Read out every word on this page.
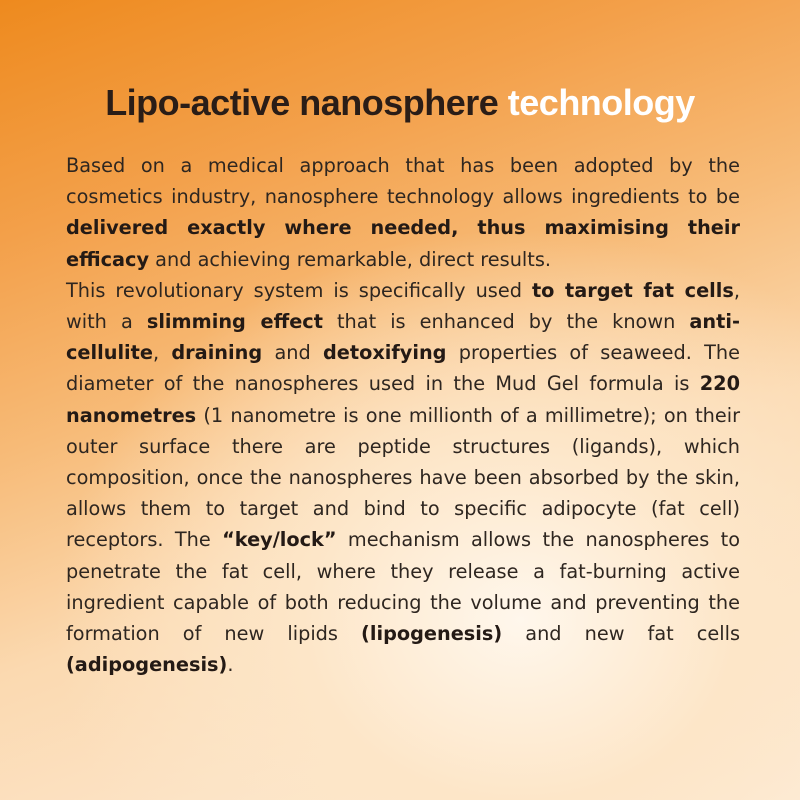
Lipo-active nanosphere technology

Based on a medical approach that has been adopted by the cosmetics industry, nanosphere technology allows ingredients to be delivered exactly where needed, thus maximising their efficacy and achieving remarkable, direct results.

This revolutionary system is specifically used to target fat cells, with a slimming effect that is enhanced by the known anti-cellulite, draining and detoxifying properties of seaweed. The diameter of the nanospheres used in the Mud Gel formula is 220 nanometres (1 nanometre is one millionth of a millimetre); on their outer surface there are peptide structures (ligands), which composition, once the nanospheres have been absorbed by the skin, allows them to target and bind to specific adipocyte (fat cell) receptors. The “key/lock” mechanism allows the nanospheres to penetrate the fat cell, where they release a fat-burning active ingredient capable of both reducing the volume and preventing the formation of new lipids (lipogenesis) and new fat cells (adipogenesis).
